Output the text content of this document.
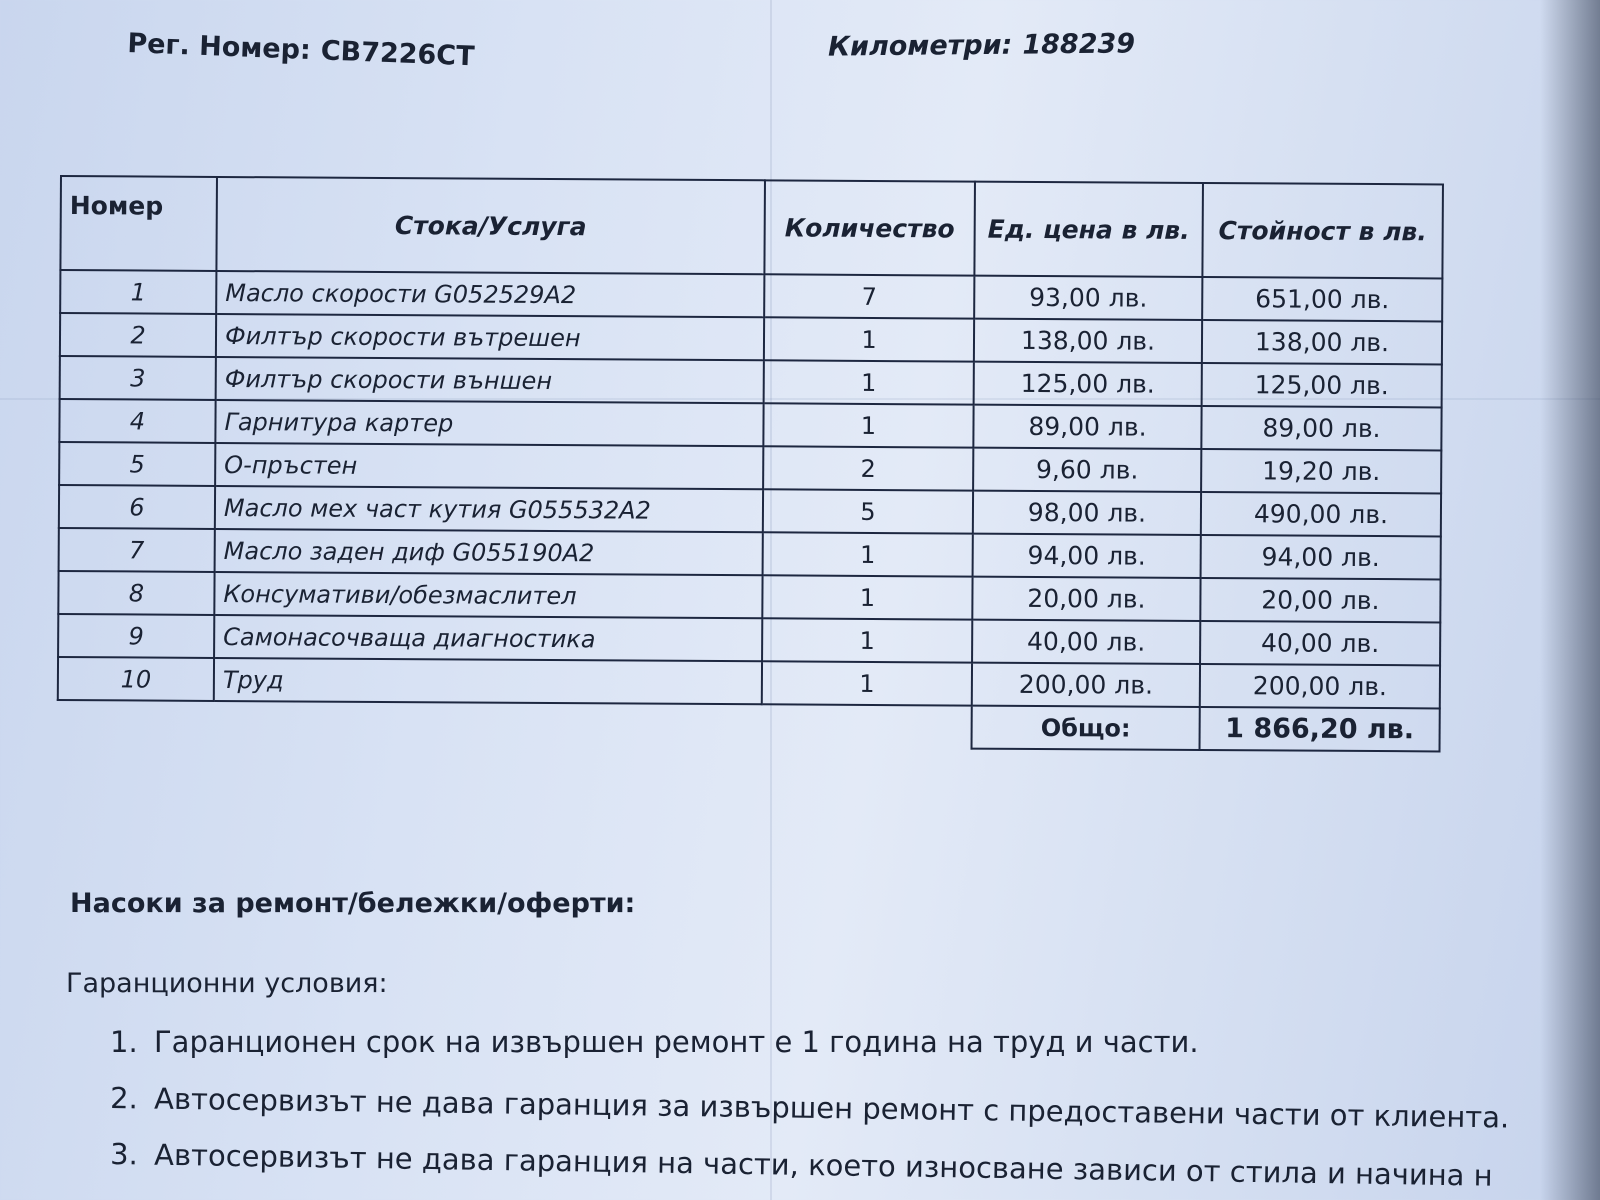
Рег. Номер: СВ7226СТ	Километри: 188239
Номер	Стока/Услуга	Количество	Ед. цена в лв.	Стойност в лв.
1	Масло скорости G052529A2	7	93,00 лв.	651,00 лв.
2	Филтър скорости вътрешен	1	138,00 лв.	138,00 лв.
3	Филтър скорости външен	1	125,00 лв.	125,00 лв.
4	Гарнитура картер	1	89,00 лв.	89,00 лв.
5	О-пръстен	2	9,60 лв.	19,20 лв.
6	Масло мех част кутия G055532A2	5	98,00 лв.	490,00 лв.
7	Масло заден диф G055190A2	1	94,00 лв.	94,00 лв.
8	Консумативи/обезмаслител	1	20,00 лв.	20,00 лв.
9	Самонасочваща диагностика	1	40,00 лв.	40,00 лв.
10	Труд	1	200,00 лв.	200,00 лв.
			Общо:	1 866,20 лв.
Насоки за ремонт/бележки/оферти:
Гаранционни условия:
1. Гаранционен срок на извършен ремонт е 1 година на труд и части.
2. Автосервизът не дава гаранция за извършен ремонт с предоставени части от клиента.
3. Автосервизът не дава гаранция на части, което износване зависи от стила и начина н
